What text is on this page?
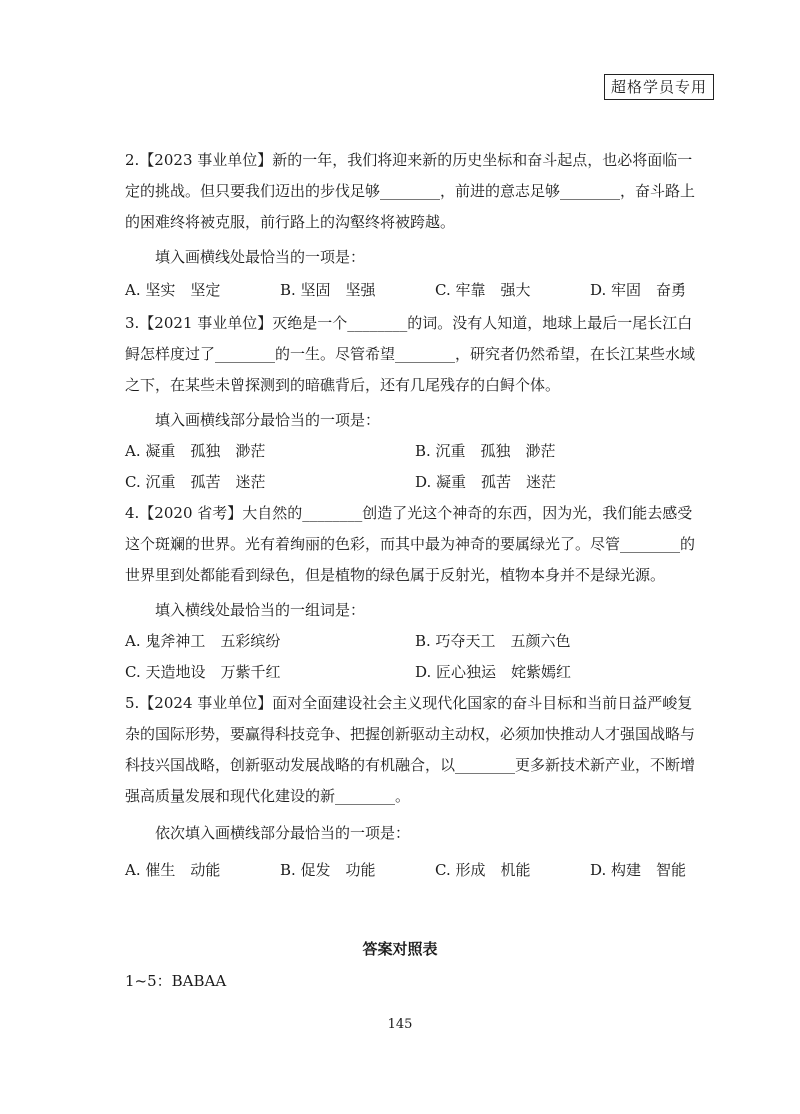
超格学员专用

2.【2023 事业单位】新的一年，我们将迎来新的历史坐标和奋斗起点，也必将面临一定的挑战。但只要我们迈出的步伐足够________，前进的意志足够________，奋斗路上的困难终将被克服，前行路上的沟壑终将被跨越。

填入画横线处最恰当的一项是：

A. 坚实　坚定	B. 坚固　坚强	C. 牢靠　强大	D. 牢固　奋勇

3.【2021 事业单位】灭绝是一个________的词。没有人知道，地球上最后一尾长江白鲟怎样度过了________的一生。尽管希望________，研究者仍然希望，在长江某些水域之下，在某些未曾探测到的暗礁背后，还有几尾残存的白鲟个体。

填入画横线部分最恰当的一项是：

A. 凝重　孤独　渺茫	B. 沉重　孤独　渺茫
C. 沉重　孤苦　迷茫	D. 凝重　孤苦　迷茫

4.【2020 省考】大自然的________创造了光这个神奇的东西，因为光，我们能去感受这个斑斓的世界。光有着绚丽的色彩，而其中最为神奇的要属绿光了。尽管________的世界里到处都能看到绿色，但是植物的绿色属于反射光，植物本身并不是绿光源。

填入横线处最恰当的一组词是：

A. 鬼斧神工　五彩缤纷	B. 巧夺天工　五颜六色
C. 天造地设　万紫千红	D. 匠心独运　姹紫嫣红

5.【2024 事业单位】面对全面建设社会主义现代化国家的奋斗目标和当前日益严峻复杂的国际形势，要赢得科技竞争、把握创新驱动主动权，必须加快推动人才强国战略与科技兴国战略，创新驱动发展战略的有机融合，以________更多新技术新产业，不断增强高质量发展和现代化建设的新________。

依次填入画横线部分最恰当的一项是：

A. 催生　动能	B. 促发　功能	C. 形成　机能	D. 构建　智能
答案对照表
1~5：BABAA
145
